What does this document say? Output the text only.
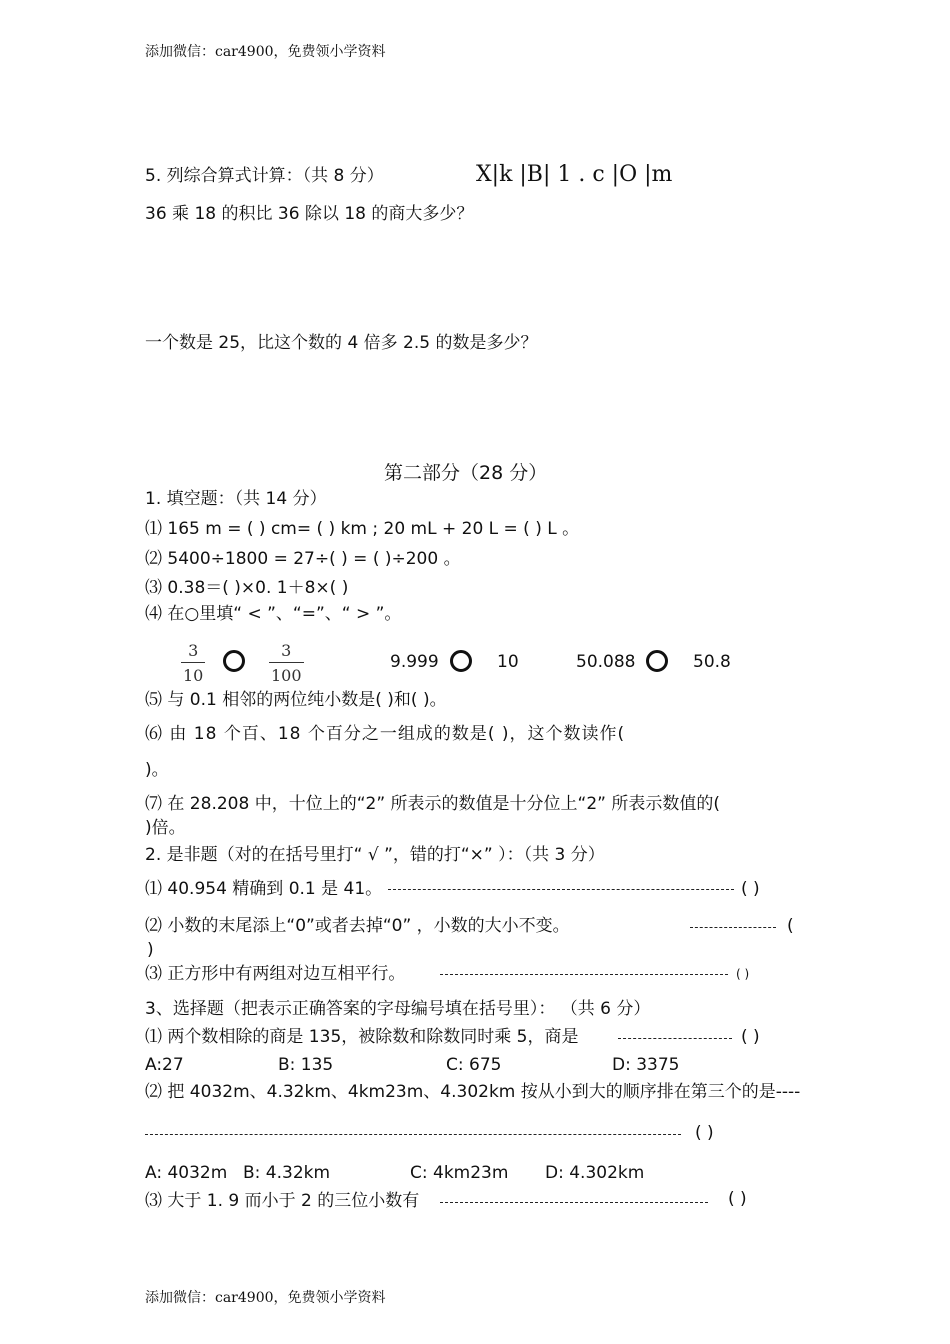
添加微信：car4900，免费领小学资料
添加微信：car4900，免费领小学资料
5. 列综合算式计算：（共 8 分）	X|k |B| 1 . c |O |m
36 乘 18 的积比 36 除以 18 的商大多少？
一个数是 25，比这个数的 4 倍多 2.5 的数是多少？
第二部分（28 分）
1. 填空题：（共 14 分）
⑴ 165 m = ( ) cm= ( ) km ; 20 mL + 20 L = ( ) L 。
⑵ 5400÷1800 = 27÷( ) = ( )÷200 。
⑶ 0.38＝( )×0. 1＋8×( )
⑷ 在○里填“ < ”、“=”、“ > ”。
$\frac{3}{10}$	$\frac{3}{100}$	9.999	10	50.088	50.8
⑸ 与 0.1 相邻的两位纯小数是( )和( )。
⑹ 由 18 个百、18 个百分之一组成的数是( )，这个数读作(
)。
⑺ 在 28.208 中，十位上的“2” 所表示的数值是十分位上“2” 所表示数值的(
)倍。
2. 是非题（对的在括号里打“ √ ”，错的打“×” ）：（共 3 分）
⑴ 40.954 精确到 0.1 是 41。	( )
⑵ 小数的末尾添上“0”或者去掉“0” ，小数的大小不变。	(
)
⑶ 正方形中有两组对边互相平行。	( )
3、选择题（把表示正确答案的字母编号填在括号里）： （共 6 分）
⑴ 两个数相除的商是 135，被除数和除数同时乘 5，商是	( )
A:27	B: 135	C: 675	D: 3375
⑵ 把 4032m、4.32km、4km23m、4.302km 按从小到大的顺序排在第三个的是----
( )
A: 4032m B: 4.32km	C: 4km23m D: 4.302km
⑶ 大于 1. 9 而小于 2 的三位小数有	( )
